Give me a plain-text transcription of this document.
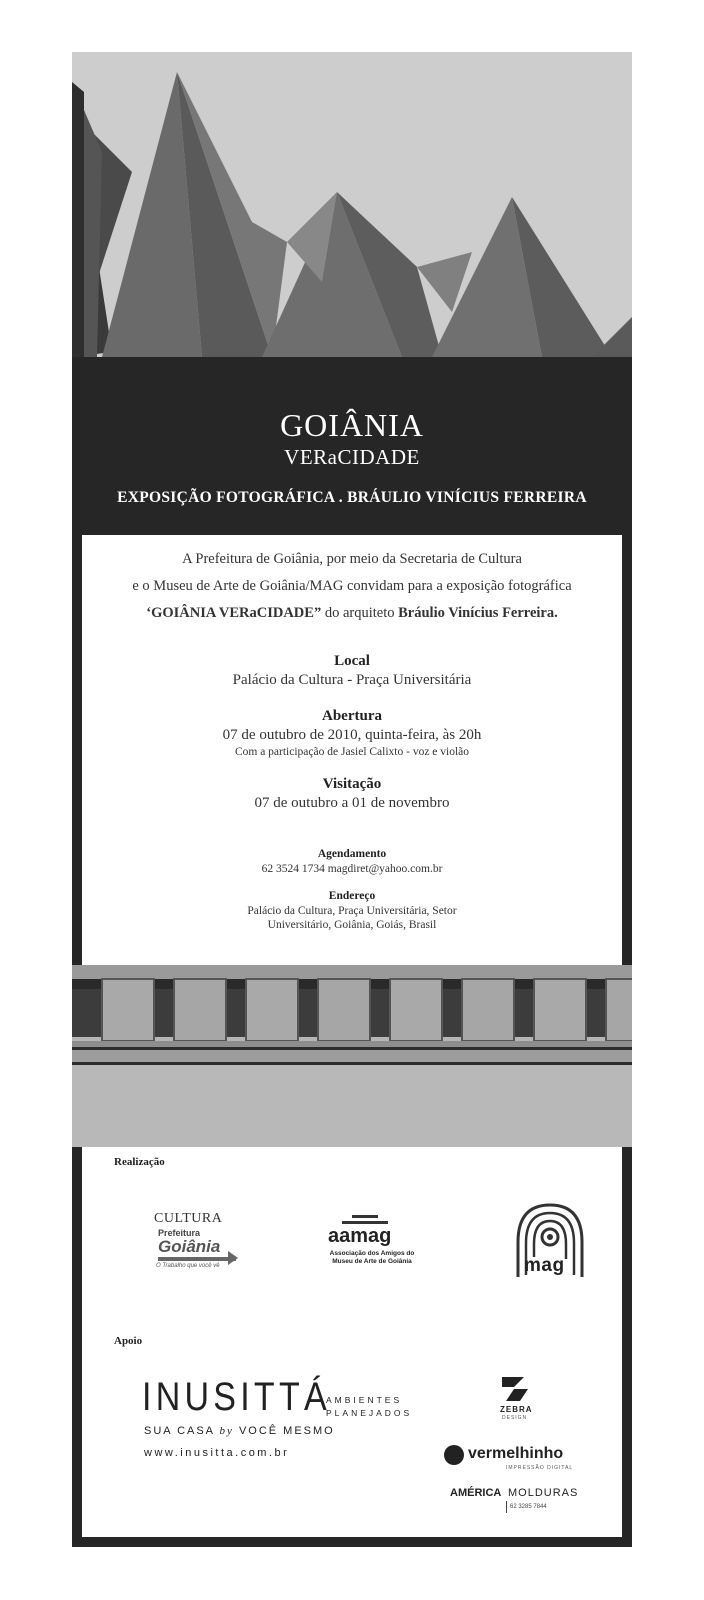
GOIÂNIA
VERaCIDADE
EXPOSIÇÃO FOTOGRÁFICA . BRÁULIO VINÍCIUS FERREIRA
A Prefeitura de Goiânia, por meio da Secretaria de Cultura
e o Museu de Arte de Goiânia/MAG convidam para a exposição fotográfica
‘GOIÂNIA VERaCIDADE” do arquiteto Bráulio Vinícius Ferreira.
Local
Palácio da Cultura - Praça Universitária
Abertura
07 de outubro de 2010, quinta-feira, às 20h
Com a participação de Jasiel Calixto - voz e violão
Visitação
07 de outubro a 01 de novembro
Agendamento
62 3524 1734 magdiret@yahoo.com.br
Endereço
Palácio da Cultura, Praça Universitária, Setor
Universitário, Goiânia, Goiás, Brasil
Realização
CULTURA
Prefeitura
Goiânia
O Trabalho que você vê
aamag
Associação dos Amigos do
Museu de Arte de Goiânia	mag
Apoio
INUSITTÁ
AMBIENTES
PLANEJADOS
SUA CASA by VOCÊ MESMO
www.inusitta.com.br
ZEBRA
DESIGN
vermelhinho
IMPRESSÃO DIGITAL
AMÉRICA MOLDURAS
62 3285 7844
